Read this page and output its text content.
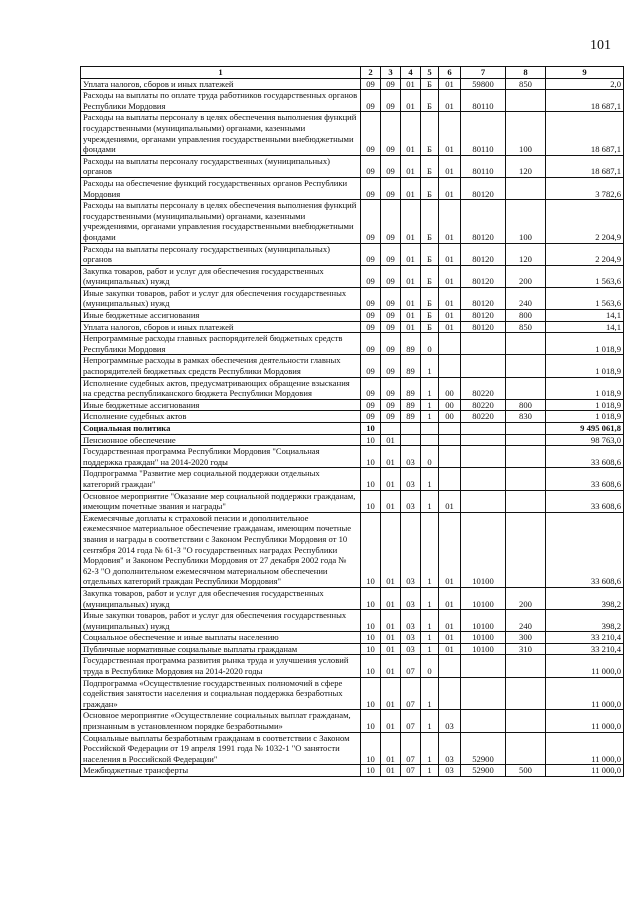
101
1	2	3	4	5	6	7	8	9
Уплата налогов, сборов и иных платежей	09	09	01	Б	01	59800	850	2,0
Расходы на выплаты по оплате труда работников государственных органов Республики Мордовия	09	09	01	Б	01	80110		18 687,1
Расходы на выплаты персоналу в целях обеспечения выполнения функций государственными (муниципальными) органами, казенными учреждениями, органами управления государственными внебюджетными фондами	09	09	01	Б	01	80110	100	18 687,1
Расходы на выплаты персоналу государственных (муниципальных) органов	09	09	01	Б	01	80110	120	18 687,1
Расходы на обеспечение функций государственных органов Республики Мордовия	09	09	01	Б	01	80120		3 782,6
Расходы на выплаты персоналу в целях обеспечения выполнения функций государственными (муниципальными) органами, казенными учреждениями, органами управления государственными внебюджетными фондами	09	09	01	Б	01	80120	100	2 204,9
Расходы на выплаты персоналу государственных (муниципальных) органов	09	09	01	Б	01	80120	120	2 204,9
Закупка товаров, работ и услуг для обеспечения государственных (муниципальных) нужд	09	09	01	Б	01	80120	200	1 563,6
Иные закупки товаров, работ и услуг для обеспечения государственных (муниципальных) нужд	09	09	01	Б	01	80120	240	1 563,6
Иные бюджетные ассигнования	09	09	01	Б	01	80120	800	14,1
Уплата налогов, сборов и иных платежей	09	09	01	Б	01	80120	850	14,1
Непрограммные расходы главных распорядителей бюджетных средств Республики Мордовия	09	09	89	0				1 018,9
Непрограммные расходы в рамках обеспечения деятельности главных распорядителей бюджетных средств Республики Мордовия	09	09	89	1				1 018,9
Исполнение судебных актов, предусматривающих обращение взыскания на средства республиканского бюджета Республики Мордовия	09	09	89	1	00	80220		1 018,9
Иные бюджетные ассигнования	09	09	89	1	00	80220	800	1 018,9
Исполнение судебных актов	09	09	89	1	00	80220	830	1 018,9
Социальная политика	10							9 495 061,8
Пенсионное обеспечение	10	01						98 763,0
Государственная программа Республики Мордовия "Социальная поддержка граждан" на 2014-2020 годы	10	01	03	0				33 608,6
Подпрограмма "Развитие мер социальной поддержки отдельных категорий граждан"	10	01	03	1				33 608,6
Основное мероприятие "Оказание мер социальной поддержки гражданам, имеющим почетные звания и награды"	10	01	03	1	01			33 608,6
Ежемесячные доплаты к страховой пенсии и дополнительное ежемесячное материальное обеспечение гражданам, имеющим почетные звания и награды в соответствии с Законом Республики Мордовия от 10 сентября 2014 года № 61-З "О государственных наградах Республики Мордовия" и Законом Республики Мордовия от 27 декабря 2002 года № 62-З "О дополнительном ежемесячном материальном обеспечении отдельных категорий граждан Республики Мордовия"	10	01	03	1	01	10100		33 608,6
Закупка товаров, работ и услуг для обеспечения государственных (муниципальных) нужд	10	01	03	1	01	10100	200	398,2
Иные закупки товаров, работ и услуг для обеспечения государственных (муниципальных) нужд	10	01	03	1	01	10100	240	398,2
Социальное обеспечение и иные выплаты населению	10	01	03	1	01	10100	300	33 210,4
Публичные нормативные социальные выплаты гражданам	10	01	03	1	01	10100	310	33 210,4
Государственная программа развития рынка труда и улучшения условий труда в Республике Мордовия на 2014-2020 годы	10	01	07	0				11 000,0
Подпрограмма «Осуществление государственных полномочий в сфере содействия занятости населения и социальная поддержка безработных граждан»	10	01	07	1				11 000,0
Основное мероприятие «Осуществление социальных выплат гражданам, признанным в установленном порядке безработными»	10	01	07	1	03			11 000,0
Социальные выплаты безработным гражданам в соответствии с Законом Российской Федерации от 19 апреля 1991 года № 1032-1 "О занятости населения в Российской Федерации"	10	01	07	1	03	52900		11 000,0
Межбюджетные трансферты	10	01	07	1	03	52900	500	11 000,0
